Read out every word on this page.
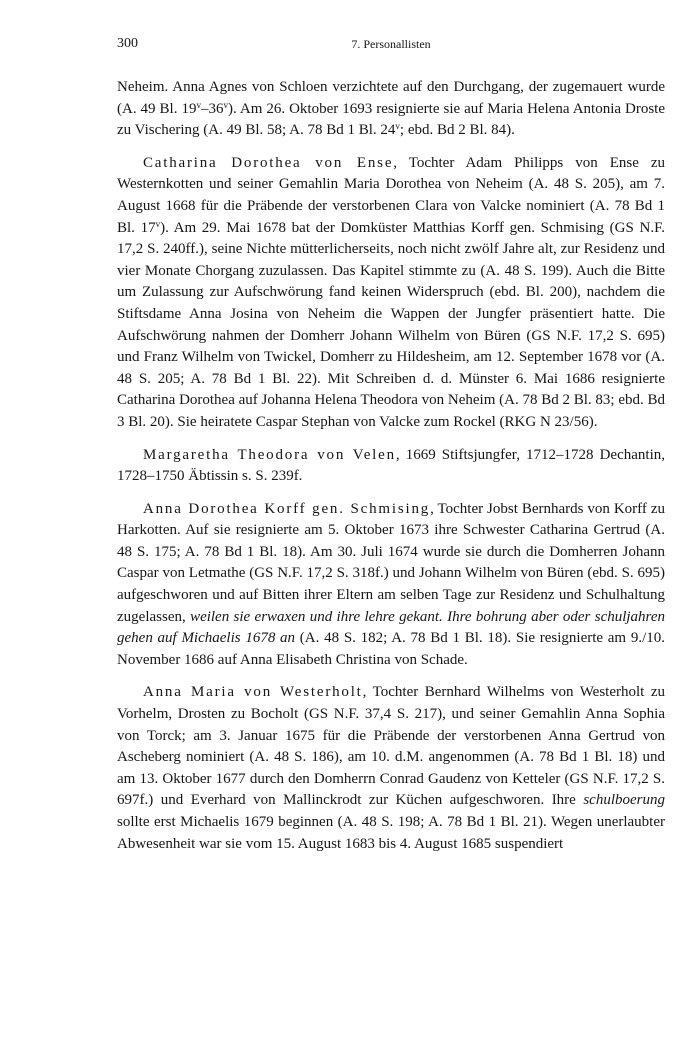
300	7. Personallisten

Neheim. Anna Agnes von Schloen verzichtete auf den Durchgang, der zugemauert wurde (A. 49 Bl. 19$^v$–36$^v$). Am 26. Oktober 1693 resignierte sie auf Maria Helena Antonia Droste zu Vischering (A. 49 Bl. 58; A. 78 Bd 1 Bl. 24$^v$; ebd. Bd 2 Bl. 84).

Catharina Dorothea von Ense, Tochter Adam Philipps von Ense zu Westernkotten und seiner Gemahlin Maria Dorothea von Neheim (A. 48 S. 205), am 7. August 1668 für die Präbende der verstorbenen Clara von Valcke nominiert (A. 78 Bd 1 Bl. 17$^v$). Am 29. Mai 1678 bat der Domküster Matthias Korff gen. Schmising (GS N.F. 17,2 S. 240ff.), seine Nichte mütterlicherseits, noch nicht zwölf Jahre alt, zur Residenz und vier Monate Chorgang zuzulassen. Das Kapitel stimmte zu (A. 48 S. 199). Auch die Bitte um Zulassung zur Aufschwörung fand keinen Widerspruch (ebd. Bl. 200), nachdem die Stiftsdame Anna Josina von Neheim die Wappen der Jungfer präsentiert hatte. Die Aufschwörung nahmen der Domherr Johann Wilhelm von Büren (GS N.F. 17,2 S. 695) und Franz Wilhelm von Twickel, Domherr zu Hildesheim, am 12. September 1678 vor (A. 48 S. 205; A. 78 Bd 1 Bl. 22). Mit Schreiben d. d. Münster 6. Mai 1686 resignierte Catharina Dorothea auf Johanna Helena Theodora von Neheim (A. 78 Bd 2 Bl. 83; ebd. Bd 3 Bl. 20). Sie heiratete Caspar Stephan von Valcke zum Rockel (RKG N 23/56).

Margaretha Theodora von Velen, 1669 Stiftsjungfer, 1712–1728 Dechantin, 1728–1750 Äbtissin s. S. 239f.

Anna Dorothea Korff gen. Schmising, Tochter Jobst Bernhards von Korff zu Harkotten. Auf sie resignierte am 5. Oktober 1673 ihre Schwester Catharina Gertrud (A. 48 S. 175; A. 78 Bd 1 Bl. 18). Am 30. Juli 1674 wurde sie durch die Domherren Johann Caspar von Letmathe (GS N.F. 17,2 S. 318f.) und Johann Wilhelm von Büren (ebd. S. 695) aufgeschworen und auf Bitten ihrer Eltern am selben Tage zur Residenz und Schulhaltung zugelassen, weilen sie erwaxen und ihre lehre gekant. Ihre bohrung aber oder schuljahren gehen auf Michaelis 1678 an (A. 48 S. 182; A. 78 Bd 1 Bl. 18). Sie resignierte am 9./10. November 1686 auf Anna Elisabeth Christina von Schade.

Anna Maria von Westerholt, Tochter Bernhard Wilhelms von Westerholt zu Vorhelm, Drosten zu Bocholt (GS N.F. 37,4 S. 217), und seiner Gemahlin Anna Sophia von Torck; am 3. Januar 1675 für die Präbende der verstorbenen Anna Gertrud von Ascheberg nominiert (A. 48 S. 186), am 10. d.M. angenommen (A. 78 Bd 1 Bl. 18) und am 13. Oktober 1677 durch den Domherrn Conrad Gaudenz von Ketteler (GS N.F. 17,2 S. 697f.) und Everhard von Mallinckrodt zur Küchen aufgeschworen. Ihre schulboerung sollte erst Michaelis 1679 beginnen (A. 48 S. 198; A. 78 Bd 1 Bl. 21). Wegen unerlaubter Abwesenheit war sie vom 15. August 1683 bis 4. August 1685 suspendiert
